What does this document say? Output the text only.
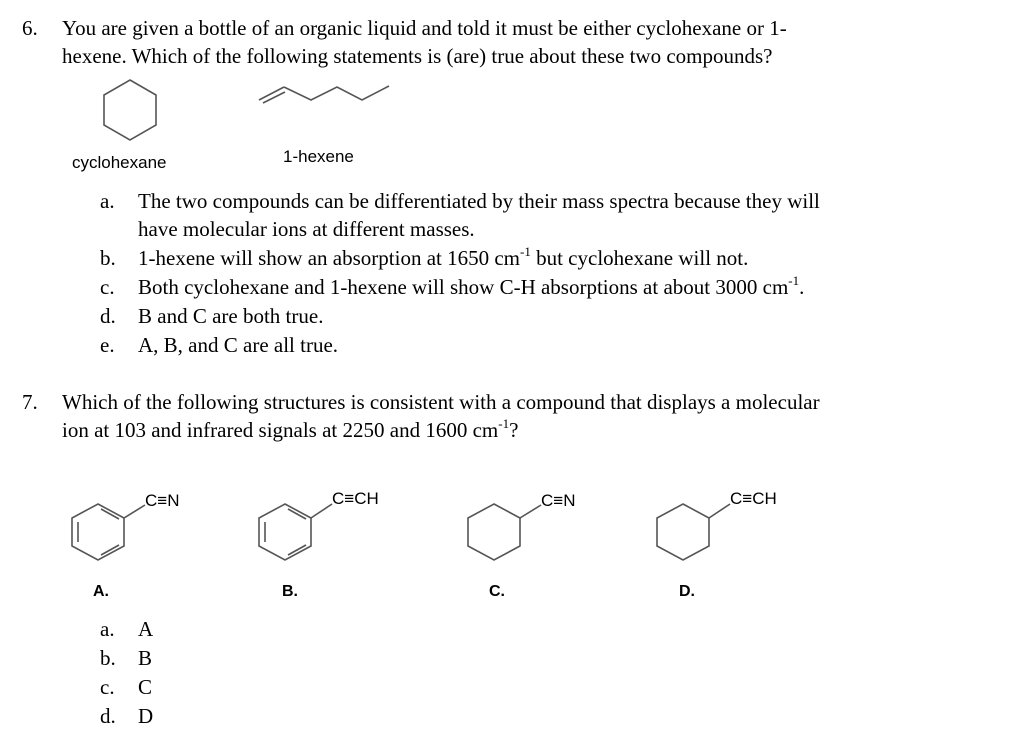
6. You are given a bottle of an organic liquid and told it must be either cyclohexane or 1-
hexene. Which of the following statements is (are) true about these two compounds?
cyclohexane	1-hexene
a. The two compounds can be differentiated by their mass spectra because they will
have molecular ions at different masses.
b. 1-hexene will show an absorption at 1650 $cm^{-1}$ but cyclohexane will not.
c. Both cyclohexane and 1-hexene will show C-H absorptions at about 3000 $cm^{-1}$.
d. B and C are both true.
e. A, B, and C are all true.
7. Which of the following structures is consistent with a compound that displays a molecular
ion at 103 and infrared signals at 2250 and 1600 $cm^{-1}$?
C≡N
A.
C≡CH
B.
C≡N
C.
C≡CH
D.
a. A
b. B
c. C
d. D
